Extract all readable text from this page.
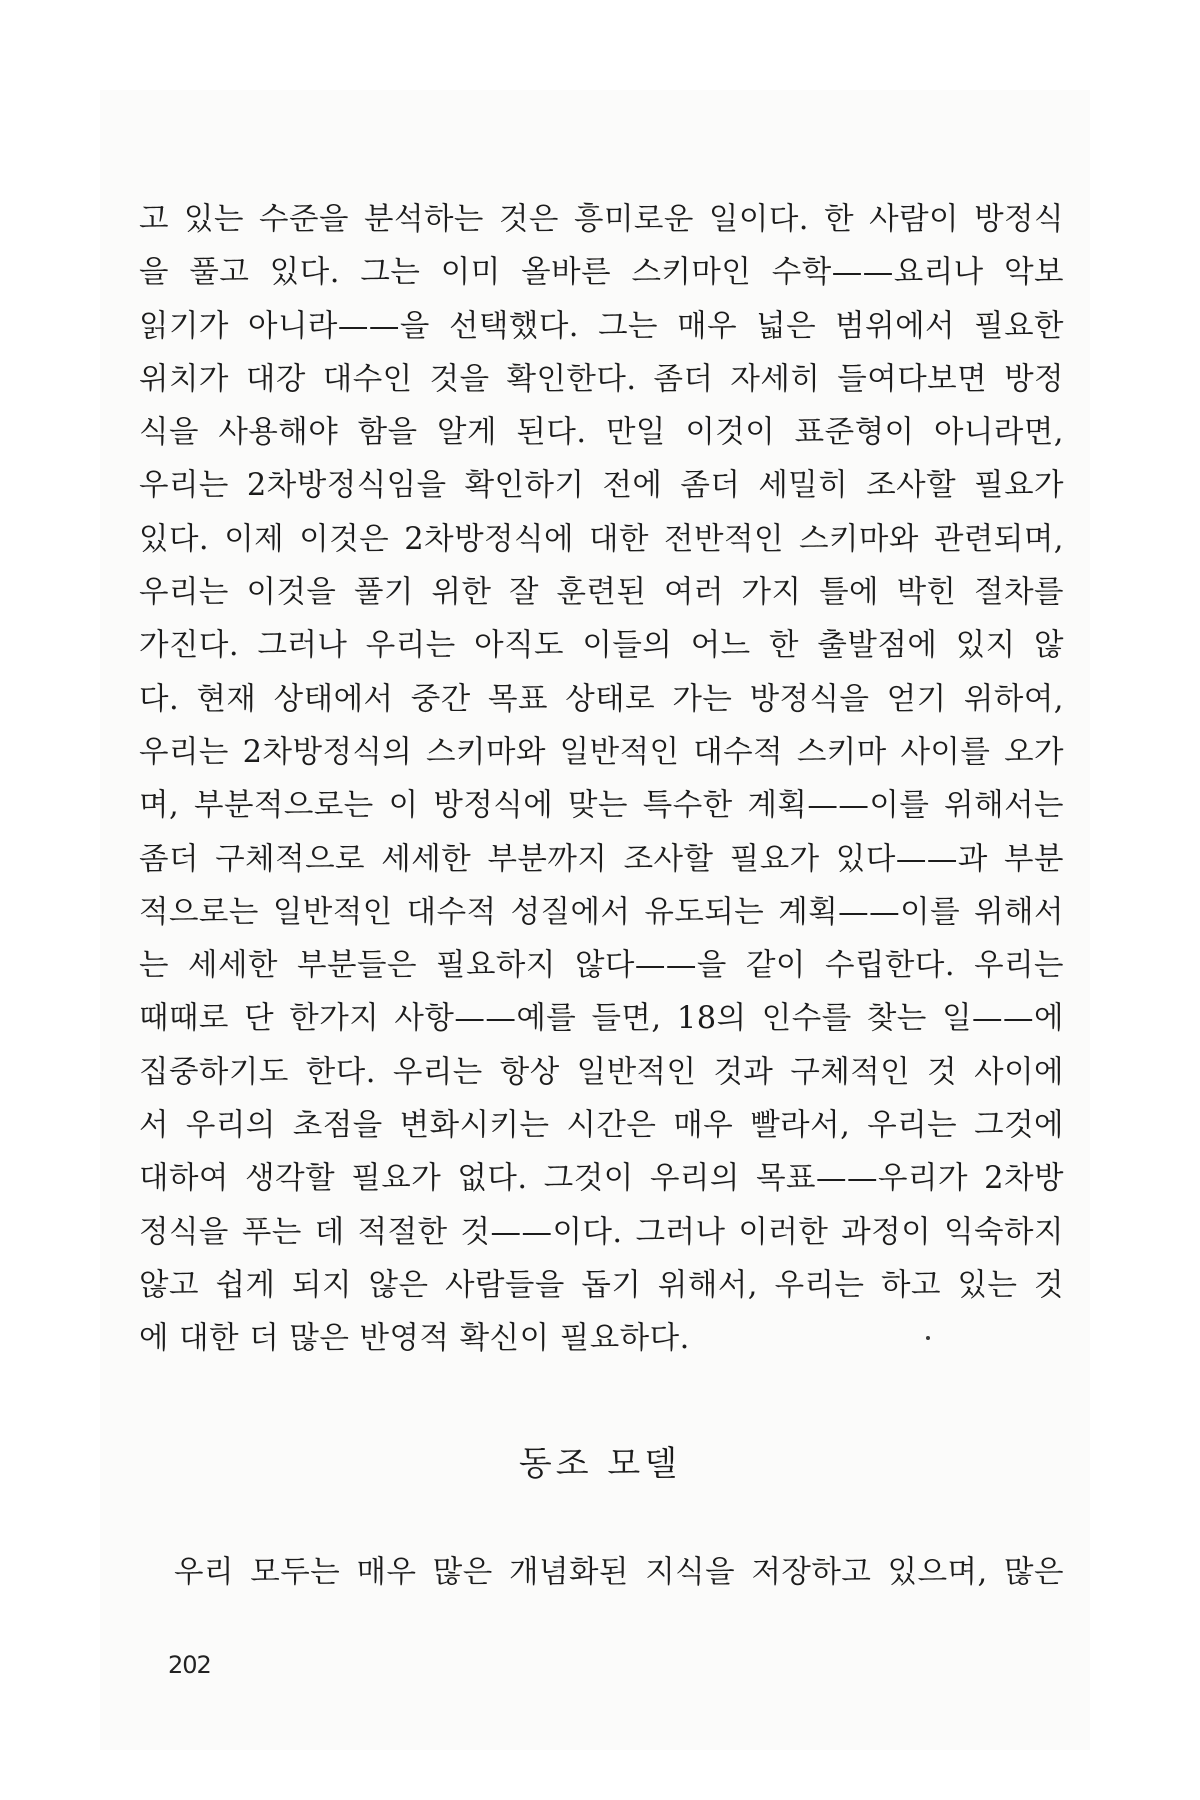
고 있는 수준을 분석하는 것은 흥미로운 일이다. 한 사람이 방정식
을 풀고 있다. 그는 이미 올바른 스키마인 수학——요리나 악보
읽기가 아니라——을 선택했다. 그는 매우 넓은 범위에서 필요한
위치가 대강 대수인 것을 확인한다. 좀더 자세히 들여다보면 방정
식을 사용해야 함을 알게 된다. 만일 이것이 표준형이 아니라면,
우리는 2차방정식임을 확인하기 전에 좀더 세밀히 조사할 필요가
있다. 이제 이것은 2차방정식에 대한 전반적인 스키마와 관련되며,
우리는 이것을 풀기 위한 잘 훈련된 여러 가지 틀에 박힌 절차를
가진다. 그러나 우리는 아직도 이들의 어느 한 출발점에 있지 않
다. 현재 상태에서 중간 목표 상태로 가는 방정식을 얻기 위하여,
우리는 2차방정식의 스키마와 일반적인 대수적 스키마 사이를 오가
며, 부분적으로는 이 방정식에 맞는 특수한 계획——이를 위해서는
좀더 구체적으로 세세한 부분까지 조사할 필요가 있다——과 부분
적으로는 일반적인 대수적 성질에서 유도되는 계획——이를 위해서
는 세세한 부분들은 필요하지 않다——을 같이 수립한다. 우리는
때때로 단 한가지 사항——예를 들면, 18의 인수를 찾는 일——에
집중하기도 한다. 우리는 항상 일반적인 것과 구체적인 것 사이에
서 우리의 초점을 변화시키는 시간은 매우 빨라서, 우리는 그것에
대하여 생각할 필요가 없다. 그것이 우리의 목표——우리가 2차방
정식을 푸는 데 적절한 것——이다. 그러나 이러한 과정이 익숙하지
않고 쉽게 되지 않은 사람들을 돕기 위해서, 우리는 하고 있는 것
에 대한 더 많은 반영적 확신이 필요하다.
동조 모델

우리 모두는 매우 많은 개념화된 지식을 저장하고 있으며, 많은

202
